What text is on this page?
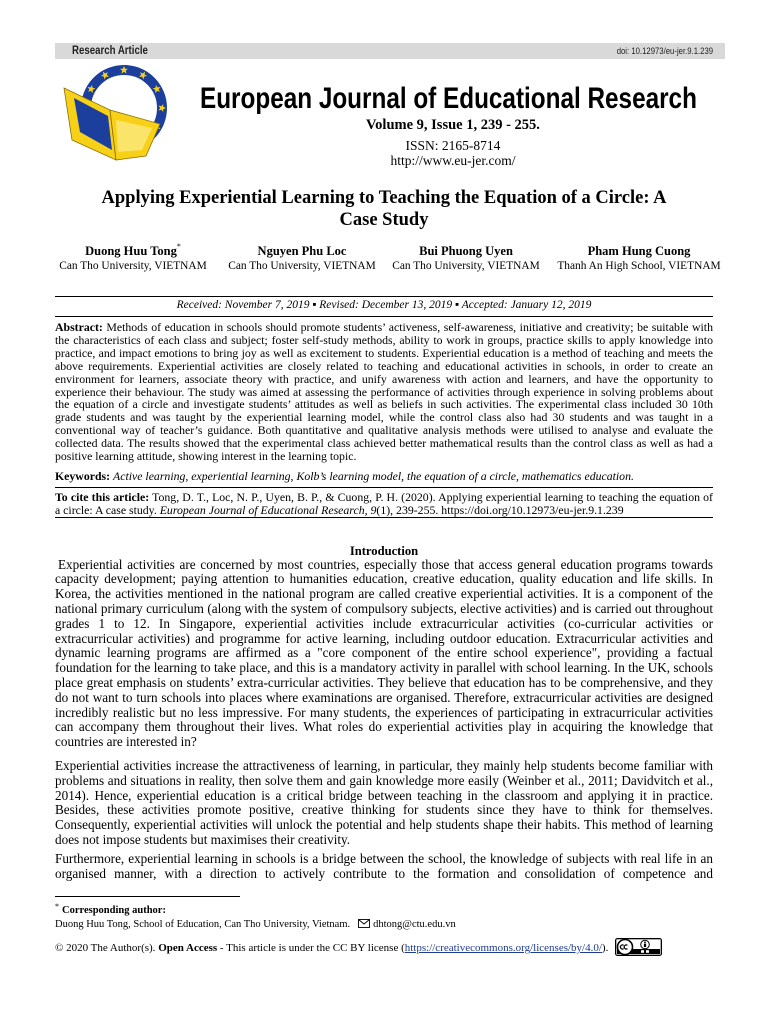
Research Article	doi: 10.12973/eu-jer.9.1.239
European Journal of Educational Research
Volume 9, Issue 1, 239 - 255.
ISSN: 2165-8714
http://www.eu-jer.com/
Applying Experiential Learning to Teaching the Equation of a Circle: A
Case Study
Duong Huu Tong*
Can Tho University, VIETNAM
Nguyen Phu Loc
Can Tho University, VIETNAM
Bui Phuong Uyen
Can Tho University, VIETNAM
Pham Hung Cuong
Thanh An High School, VIETNAM
Received: November 7, 2019 ▪ Revised: December 13, 2019 ▪ Accepted: January 12, 2019

Abstract: Methods of education in schools should promote students’ activeness, self-awareness, initiative and creativity; be suitable with the characteristics of each class and subject; foster self-study methods, ability to work in groups, practice skills to apply knowledge into practice, and impact emotions to bring joy as well as excitement to students. Experiential education is a method of teaching and meets the above requirements. Experiential activities are closely related to teaching and educational activities in schools, in order to create an environment for learners, associate theory with practice, and unify awareness with action and learners, and have the opportunity to experience their behaviour. The study was aimed at assessing the performance of activities through experience in solving problems about the equation of a circle and investigate students’ attitudes as well as beliefs in such activities. The experimental class included 30 10th grade students and was taught by the experiential learning model, while the control class also had 30 students and was taught in a conventional way of teacher’s guidance. Both quantitative and qualitative analysis methods were utilised to analyse and evaluate the collected data. The results showed that the experimental class achieved better mathematical results than the control class as well as had a positive learning attitude, showing interest in the learning topic.

Keywords: Active learning, experiential learning, Kolb’s learning model, the equation of a circle, mathematics education.

To cite this article: Tong, D. T., Loc, N. P., Uyen, B. P., & Cuong, P. H. (2020). Applying experiential learning to teaching the equation of a circle: A case study. European Journal of Educational Research, 9(1), 239-255. https://doi.org/10.12973/eu-jer.9.1.239

Introduction

Experiential activities are concerned by most countries, especially those that access general education programs towards capacity development; paying attention to humanities education, creative education, quality education and life skills. In Korea, the activities mentioned in the national program are called creative experiential activities. It is a component of the national primary curriculum (along with the system of compulsory subjects, elective activities) and is carried out throughout grades 1 to 12. In Singapore, experiential activities include extracurricular activities (co-curricular activities or extracurricular activities) and programme for active learning, including outdoor education. Extracurricular activities and dynamic learning programs are affirmed as a "core component of the entire school experience", providing a factual foundation for the learning to take place, and this is a mandatory activity in parallel with school learning. In the UK, schools place great emphasis on students’ extra-curricular activities. They believe that education has to be comprehensive, and they do not want to turn schools into places where examinations are organised. Therefore, extracurricular activities are designed incredibly realistic but no less impressive. For many students, the experiences of participating in extracurricular activities can accompany them throughout their lives. What roles do experiential activities play in acquiring the knowledge that countries are interested in?

Experiential activities increase the attractiveness of learning, in particular, they mainly help students become familiar with problems and situations in reality, then solve them and gain knowledge more easily (Weinber et al., 2011; Davidvitch et al., 2014). Hence, experiential education is a critical bridge between teaching in the classroom and applying it in practice. Besides, these activities promote positive, creative thinking for students since they have to think for themselves. Consequently, experiential activities will unlock the potential and help students shape their habits. This method of learning does not impose students but maximises their creativity.

Furthermore, experiential learning in schools is a bridge between the school, the knowledge of subjects with real life in an organised manner, with a direction to actively contribute to the formation and consolidation of competence and

* Corresponding author:
Duong Huu Tong, School of Education, Can Tho University, Vietnam. dhtong@ctu.edu.vn
© 2020 The Author(s). Open Access - This article is under the CC BY license (https://creativecommons.org/licenses/by/4.0/).
